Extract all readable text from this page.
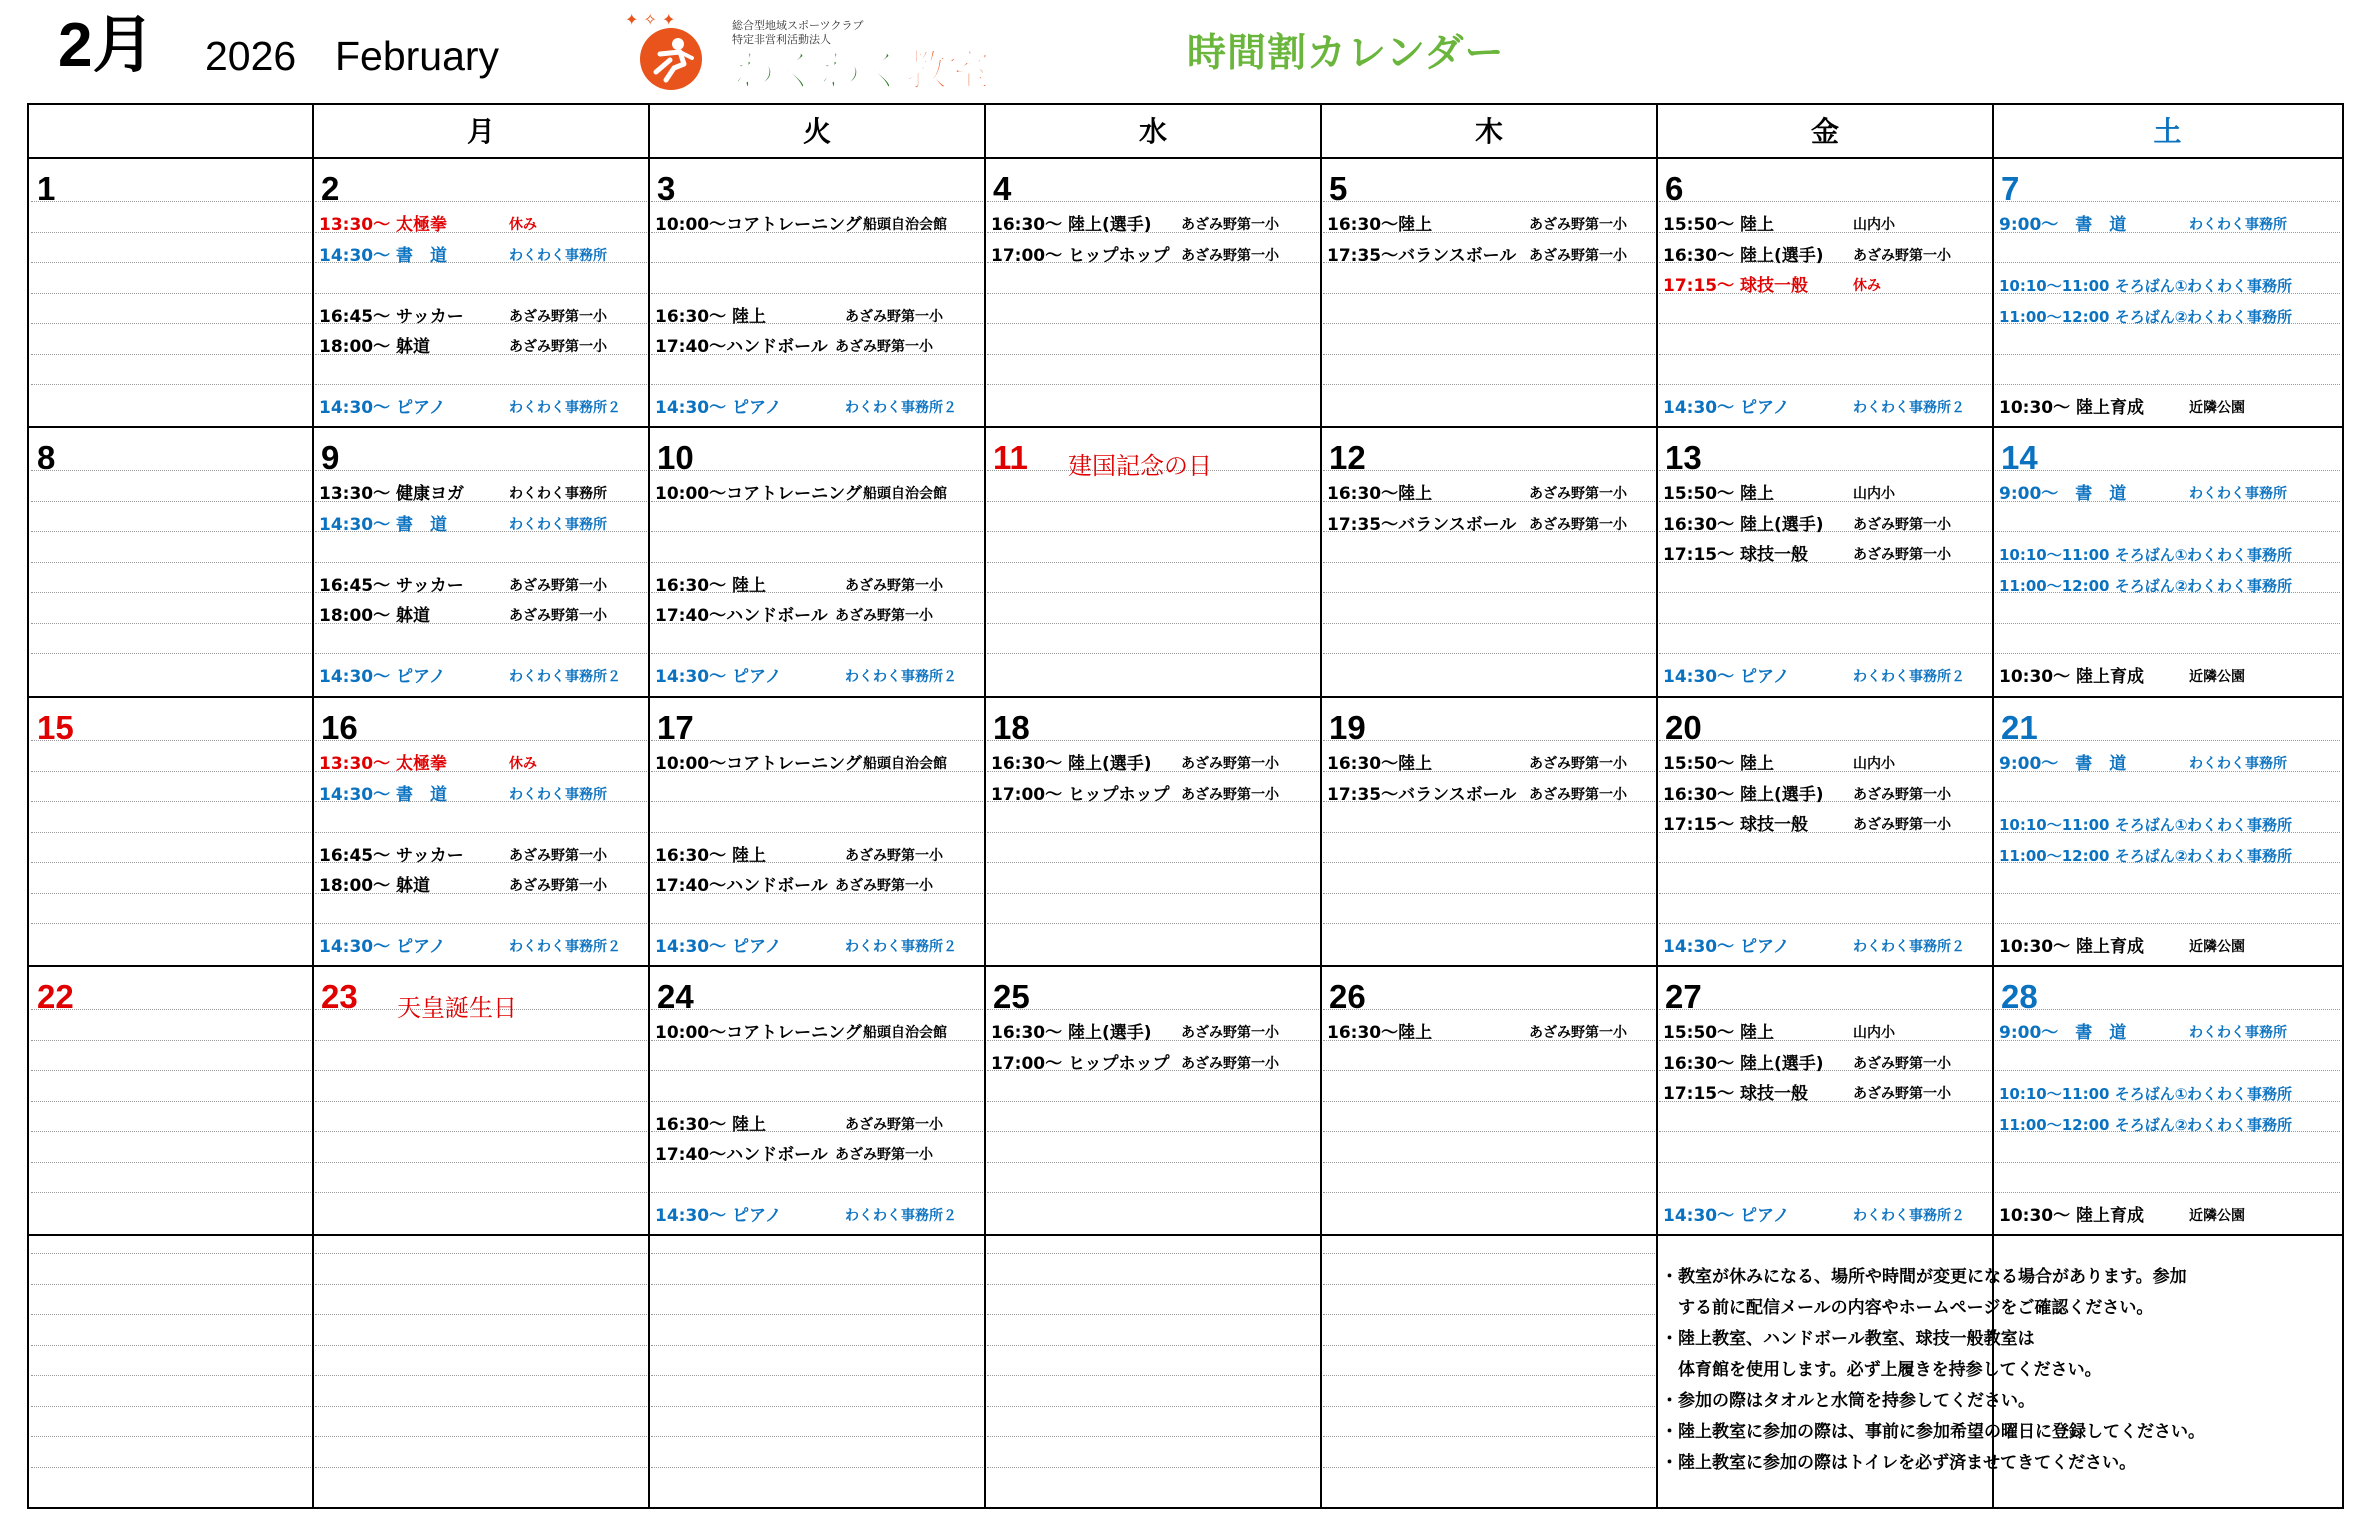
2月 2026 February
✦ ✧ ✦	総合型地域スポーツクラブ
特定非営利活動法人
わくわく教室	時間割カレンダー
月	火	水	木	金	土
1	2
13:30～ 太極拳	休み
14:30～ 書　道	わくわく事務所
16:45～ サッカー	あざみ野第一小
18:00～ 躰道	あざみ野第一小
14:30～ ピアノ	わくわく事務所２
3
10:00～コアトレーニング 船頭自治会館
16:30～ 陸上	あざみ野第一小
17:40～ハンドボール あざみ野第一小
14:30～ ピアノ	わくわく事務所２
4
16:30～ 陸上(選手) あざみ野第一小
17:00～ ヒップホップ あざみ野第一小
5
16:30～陸上	あざみ野第一小
17:35～バランスボール あざみ野第一小
6
15:50～ 陸上	山内小
16:30～ 陸上(選手) あざみ野第一小
17:15～ 球技一般	休み
14:30～ ピアノ	わくわく事務所２
7
9:00～　書　道	わくわく事務所
10:10～11:00 そろばん① わくわく事務所
11:00～12:00 そろばん② わくわく事務所
10:30～ 陸上育成	近隣公園
8	9
13:30～ 健康ヨガ	わくわく事務所
14:30～ 書　道	わくわく事務所
16:45～ サッカー	あざみ野第一小
18:00～ 躰道	あざみ野第一小
14:30～ ピアノ	わくわく事務所２
10
10:00～コアトレーニング 船頭自治会館
16:30～ 陸上	あざみ野第一小
17:40～ハンドボール あざみ野第一小
14:30～ ピアノ	わくわく事務所２
11 建国記念の日	12
16:30～陸上	あざみ野第一小
17:35～バランスボール あざみ野第一小
13
15:50～ 陸上	山内小
16:30～ 陸上(選手) あざみ野第一小
17:15～ 球技一般	あざみ野第一小
14:30～ ピアノ	わくわく事務所２
14
9:00～　書　道	わくわく事務所
10:10～11:00 そろばん① わくわく事務所
11:00～12:00 そろばん② わくわく事務所
10:30～ 陸上育成	近隣公園
15	16
13:30～ 太極拳	休み
14:30～ 書　道	わくわく事務所
16:45～ サッカー	あざみ野第一小
18:00～ 躰道	あざみ野第一小
14:30～ ピアノ	わくわく事務所２
17
10:00～コアトレーニング 船頭自治会館
16:30～ 陸上	あざみ野第一小
17:40～ハンドボール あざみ野第一小
14:30～ ピアノ	わくわく事務所２
18
16:30～ 陸上(選手) あざみ野第一小
17:00～ ヒップホップ あざみ野第一小
19
16:30～陸上	あざみ野第一小
17:35～バランスボール あざみ野第一小
20
15:50～ 陸上	山内小
16:30～ 陸上(選手) あざみ野第一小
17:15～ 球技一般	あざみ野第一小
14:30～ ピアノ	わくわく事務所２
21
9:00～　書　道	わくわく事務所
10:10～11:00 そろばん① わくわく事務所
11:00～12:00 そろばん② わくわく事務所
10:30～ 陸上育成	近隣公園
22	23 天皇誕生日	24
10:00～コアトレーニング 船頭自治会館
16:30～ 陸上	あざみ野第一小
17:40～ハンドボール あざみ野第一小
14:30～ ピアノ	わくわく事務所２
25
16:30～ 陸上(選手) あざみ野第一小
17:00～ ヒップホップ あざみ野第一小
26
16:30～陸上	あざみ野第一小
27
15:50～ 陸上	山内小
16:30～ 陸上(選手) あざみ野第一小
17:15～ 球技一般	あざみ野第一小
14:30～ ピアノ	わくわく事務所２
28
9:00～　書　道	わくわく事務所
10:10～11:00 そろばん① わくわく事務所
11:00～12:00 そろばん② わくわく事務所
10:30～ 陸上育成	近隣公園
・教室が休みになる、場所や時間が変更になる場合があります。参加
　する前に配信メールの内容やホームページをご確認ください。
・陸上教室、ハンドボール教室、球技一般教室は
　体育館を使用します。必ず上履きを持参してください。
・参加の際はタオルと水筒を持参してください。
・陸上教室に参加の際は、事前に参加希望の曜日に登録してください。
・陸上教室に参加の際はトイレを必ず済ませてきてください。
